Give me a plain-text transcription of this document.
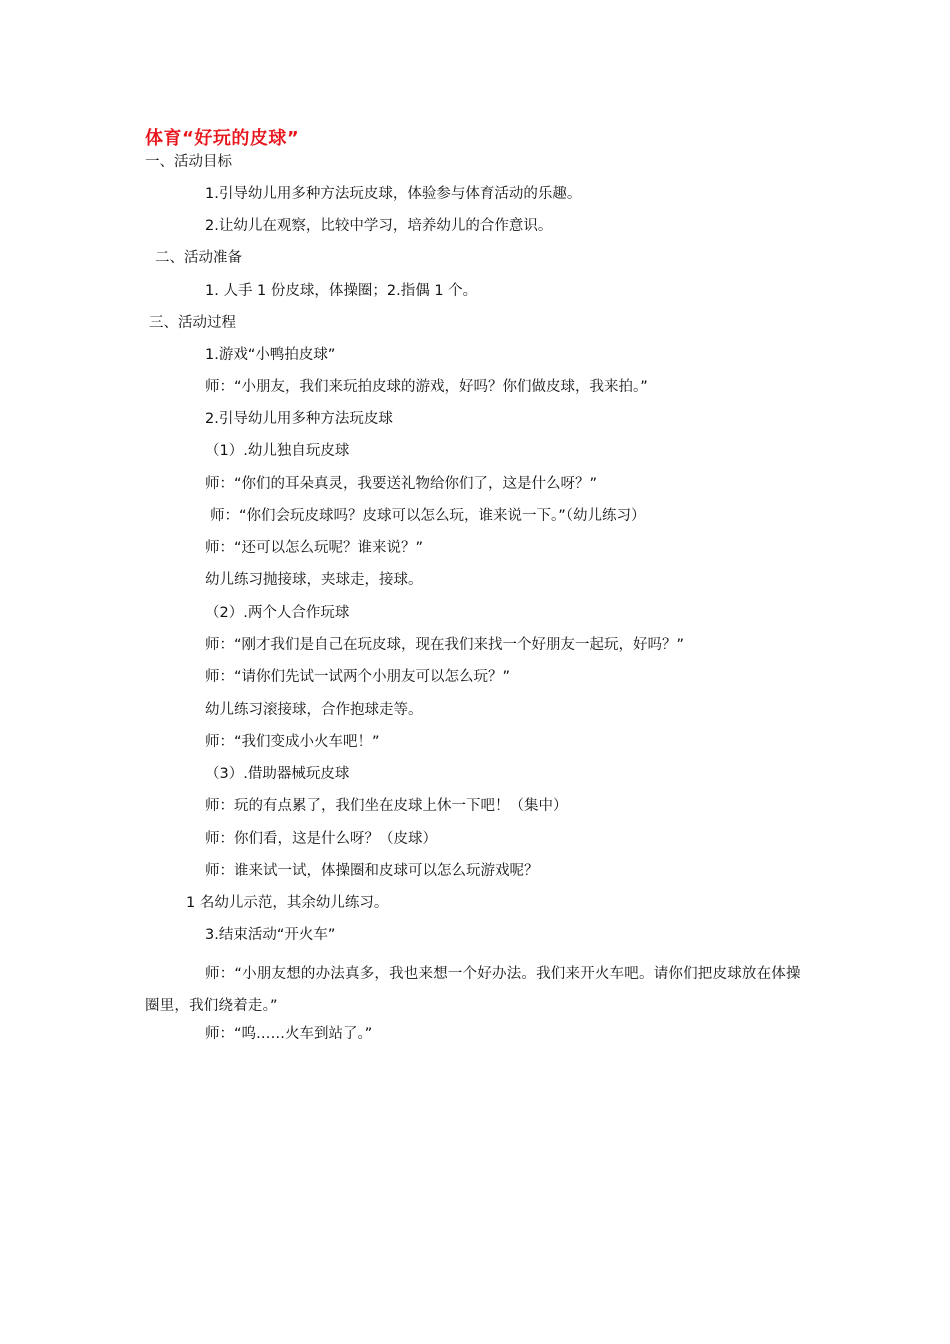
体育“好玩的皮球”
一、活动目标
1.引导幼儿用多种方法玩皮球，体验参与体育活动的乐趣。
2.让幼儿在观察，比较中学习，培养幼儿的合作意识。
二、活动准备
1. 人手 1 份皮球，体操圈；2.指偶 1 个。
三、活动过程
1.游戏“小鸭拍皮球”
师：“小朋友，我们来玩拍皮球的游戏，好吗？你们做皮球，我来拍。”
2.引导幼儿用多种方法玩皮球
（1）.幼儿独自玩皮球
师：“你们的耳朵真灵，我要送礼物给你们了，这是什么呀？”
师：“你们会玩皮球吗？皮球可以怎么玩，谁来说一下。”（幼儿练习）
师：“还可以怎么玩呢？谁来说？”
幼儿练习抛接球，夹球走，接球。
（2）.两个人合作玩球
师：“刚才我们是自己在玩皮球，现在我们来找一个好朋友一起玩，好吗？”
师：“请你们先试一试两个小朋友可以怎么玩？”
幼儿练习滚接球，合作抱球走等。
师：“我们变成小火车吧！”
（3）.借助器械玩皮球
师：玩的有点累了，我们坐在皮球上休一下吧！（集中）
师：你们看，这是什么呀？（皮球）
师：谁来试一试，体操圈和皮球可以怎么玩游戏呢？
1 名幼儿示范，其余幼儿练习。
3.结束活动“开火车”
师：“小朋友想的办法真多，我也来想一个好办法。我们来开火车吧。请你们把皮球放在体操圈里，我们绕着走。”
师：“呜……火车到站了。”
